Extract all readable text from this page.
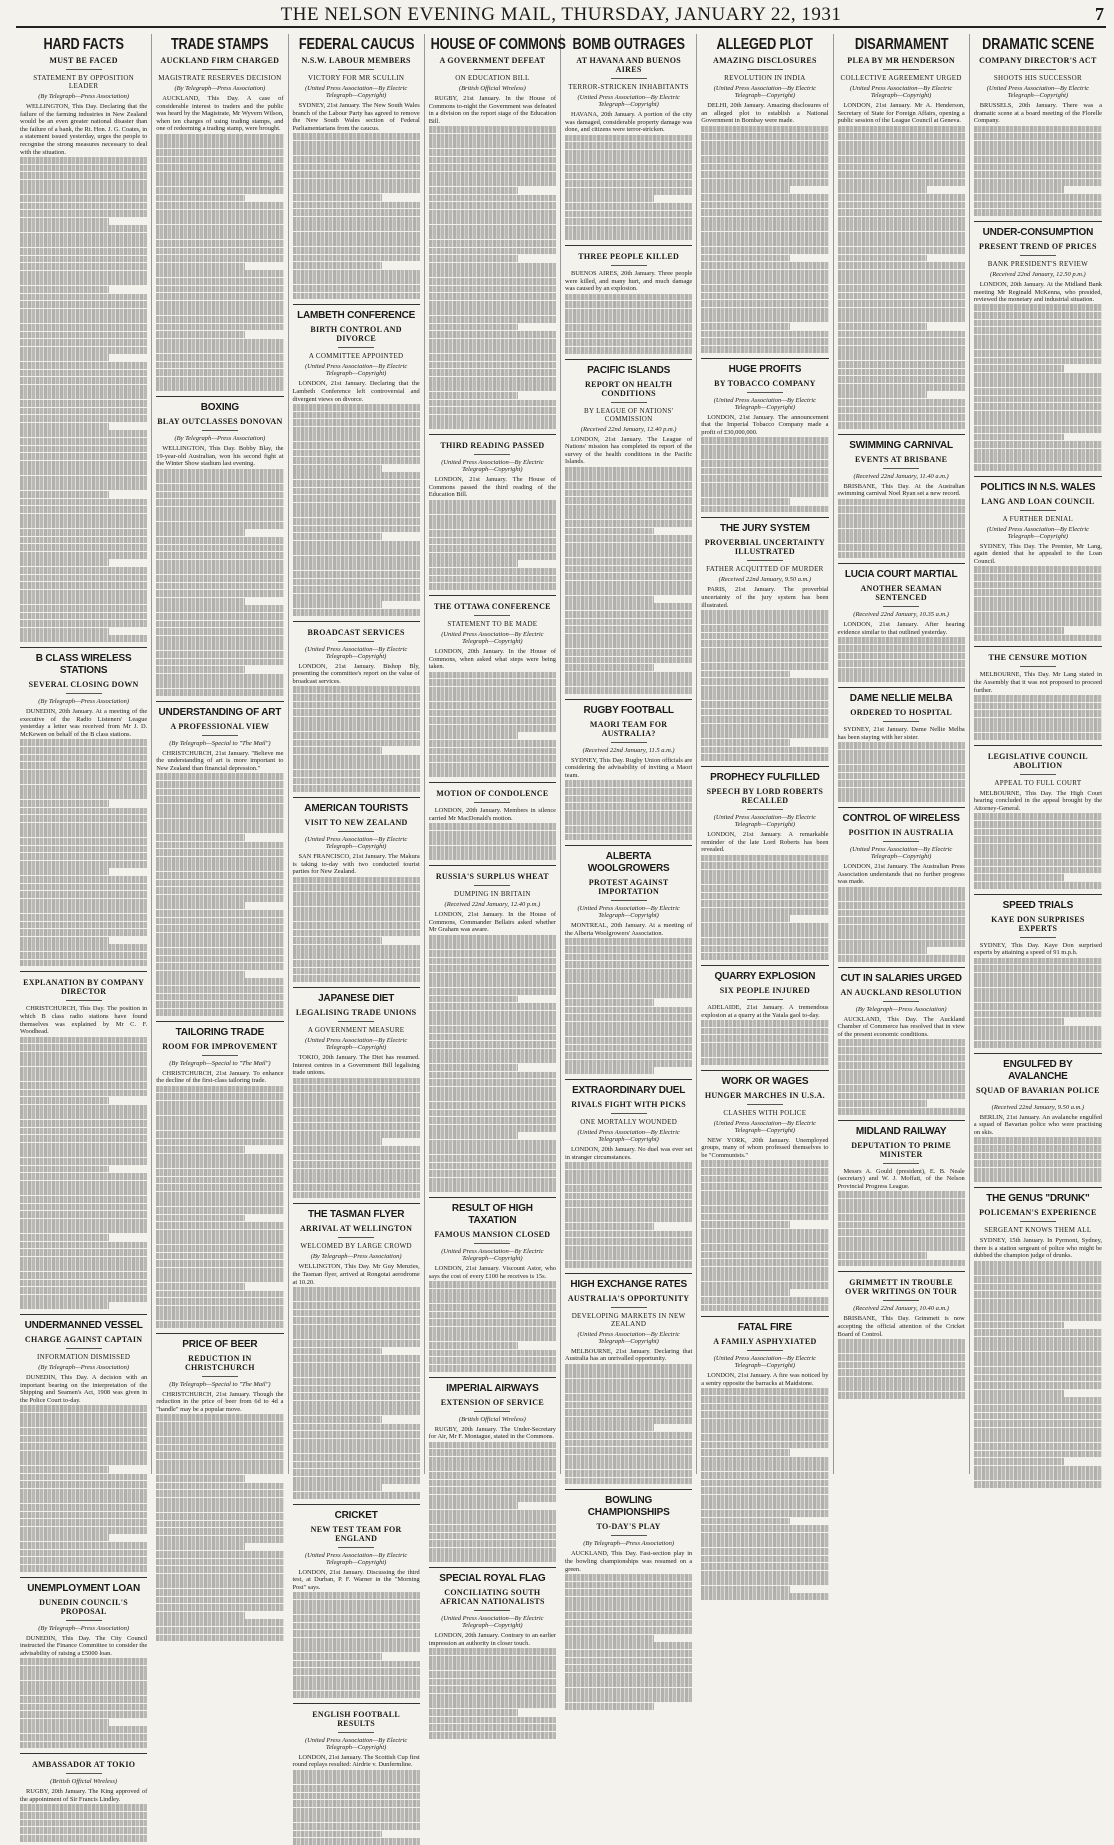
THE NELSON EVENING MAIL, THURSDAY, JANUARY 22, 1931	7
HARD FACTS
MUST BE FACED
STATEMENT BY OPPOSITION LEADER
(By Telegraph—Press Association)

WELLINGTON, This Day. Declaring that the failure of the farming industries in New Zealand would be an even greater national disaster than the failure of a bank, the Rt. Hon. J. G. Coates, in a statement issued yesterday, urges the people to recognise the strong measures necessary to deal with the situation.

B CLASS WIRELESS STATIONS
SEVERAL CLOSING DOWN
(By Telegraph—Press Association)

DUNEDIN, 20th January. At a meeting of the executive of the Radio Listeners' League yesterday a letter was received from Mr J. D. McKewen on behalf of the B class stations.

EXPLANATION BY COMPANY DIRECTOR

CHRISTCHURCH, This Day. The position in which B class radio stations have found themselves was explained by Mr C. F. Woodhead.

UNDERMANNED VESSEL
CHARGE AGAINST CAPTAIN
INFORMATION DISMISSED
(By Telegraph—Press Association)

DUNEDIN, This Day. A decision with an important bearing on the interpretation of the Shipping and Seamen's Act, 1908 was given in the Police Court to-day.

UNEMPLOYMENT LOAN
DUNEDIN COUNCIL'S PROPOSAL
(By Telegraph—Press Association)

DUNEDIN, This Day. The City Council instructed the Finance Committee to consider the advisability of raising a £5000 loan.

AMBASSADOR AT TOKIO
(British Official Wireless)

RUGBY, 20th January. The King approved of the appointment of Sir Francis Lindley.

TRADE STAMPS
AUCKLAND FIRM CHARGED
MAGISTRATE RESERVES DECISION
(By Telegraph—Press Association)

AUCKLAND, This Day. A case of considerable interest to traders and the public was heard by the Magistrate, Mr Wyvern Wilson, when ten charges of using trading stamps, and one of redeeming a trading stamp, were brought.

BOXING
BLAY OUTCLASSES DONOVAN
(By Telegraph—Press Association)

WELLINGTON, This Day. Bobby Blay, the 19-year-old Australian, won his second fight at the Winter Show stadium last evening.

UNDERSTANDING OF ART
A PROFESSIONAL VIEW
(By Telegraph—Special to "The Mail")

CHRISTCHURCH, 21st January. "Believe me the understanding of art is more important to New Zealand than financial depression."

TAILORING TRADE
ROOM FOR IMPROVEMENT
(By Telegraph—Special to "The Mail")

CHRISTCHURCH, 21st January. To enhance the decline of the first-class tailoring trade.

PRICE OF BEER
REDUCTION IN CHRISTCHURCH
(By Telegraph—Special to "The Mail")

CHRISTCHURCH, 21st January. Though the reduction in the price of beer from 6d to 4d a "handle" may be a popular move.

FEDERAL CAUCUS
N.S.W. LABOUR MEMBERS
VICTORY FOR MR SCULLIN
(United Press Association—By Electric Telegraph—Copyright)

SYDNEY, 21st January. The New South Wales branch of the Labour Party has agreed to remove the New South Wales section of Federal Parliamentarians from the caucus.

LAMBETH CONFERENCE
BIRTH CONTROL AND DIVORCE
A COMMITTEE APPOINTED
(United Press Association—By Electric Telegraph—Copyright)

LONDON, 21st January. Declaring that the Lambeth Conference left controversial and divergent views on divorce.

BROADCAST SERVICES
(United Press Association—By Electric Telegraph—Copyright)

LONDON, 21st January. Bishop Bly, presenting the committee's report on the value of broadcast services.

AMERICAN TOURISTS
VISIT TO NEW ZEALAND
(United Press Association—By Electric Telegraph—Copyright)

SAN FRANCISCO, 21st January. The Makura is taking to-day with two conducted tourist parties for New Zealand.

JAPANESE DIET
LEGALISING TRADE UNIONS
A GOVERNMENT MEASURE
(United Press Association—By Electric Telegraph—Copyright)

TOKIO, 20th January. The Diet has resumed. Interest centres in a Government Bill legalising trade unions.

THE TASMAN FLYER
ARRIVAL AT WELLINGTON
WELCOMED BY LARGE CROWD
(By Telegraph—Press Association)

WELLINGTON, This Day. Mr Guy Menzies, the Tasman flyer, arrived at Rongotai aerodrome at 10.20.

CRICKET
NEW TEST TEAM FOR ENGLAND
(United Press Association—By Electric Telegraph—Copyright)

LONDON, 21st January. Discussing the third test, at Durban, P. F. Warner in the "Morning Post" says.

ENGLISH FOOTBALL RESULTS
(United Press Association—By Electric Telegraph—Copyright)

LONDON, 21st January. The Scottish Cup first round replays resulted: Airdrie v. Dunfermline.

HOUSE OF COMMONS
A GOVERNMENT DEFEAT
ON EDUCATION BILL
(British Official Wireless)

RUGBY, 21st January. In the House of Commons to-night the Government was defeated in a division on the report stage of the Education Bill.

THIRD READING PASSED
(United Press Association—By Electric Telegraph—Copyright)

LONDON, 21st January. The House of Commons passed the third reading of the Education Bill.

THE OTTAWA CONFERENCE
STATEMENT TO BE MADE
(United Press Association—By Electric Telegraph—Copyright)

LONDON, 20th January. In the House of Commons, when asked what steps were being taken.

MOTION OF CONDOLENCE

LONDON, 20th January. Members in silence carried Mr MacDonald's motion.

RUSSIA'S SURPLUS WHEAT
DUMPING IN BRITAIN
(Received 22nd January, 12.40 p.m.)

LONDON, 21st January. In the House of Commons, Commander Bellairs asked whether Mr Graham was aware.

RESULT OF HIGH TAXATION
FAMOUS MANSION CLOSED
(United Press Association—By Electric Telegraph—Copyright)

LONDON, 21st January. Viscount Astor, who says the cost of every £100 he receives is 15s.

IMPERIAL AIRWAYS
EXTENSION OF SERVICE
(British Official Wireless)

RUGBY, 20th January. The Under-Secretary for Air, Mr F. Montague, stated in the Commons.

SPECIAL ROYAL FLAG
CONCILIATING SOUTH AFRICAN NATIONALISTS
(United Press Association—By Electric Telegraph—Copyright)

LONDON, 20th January. Contrary to an earlier impression an authority in closer touch.

BOMB OUTRAGES
AT HAVANA AND BUENOS AIRES
TERROR-STRICKEN INHABITANTS
(United Press Association—By Electric Telegraph—Copyright)

HAVANA, 20th January. A portion of the city was damaged, considerable property damage was done, and citizens were terror-stricken.

THREE PEOPLE KILLED

BUENOS AIRES, 20th January. Three people were killed, and many hurt, and much damage was caused by an explosion.

PACIFIC ISLANDS
REPORT ON HEALTH CONDITIONS
BY LEAGUE OF NATIONS' COMMISSION
(Received 22nd January, 12.40 p.m.)

LONDON, 21st January. The League of Nations' mission has completed its report of the survey of the health conditions in the Pacific Islands.

RUGBY FOOTBALL
MAORI TEAM FOR AUSTRALIA?
(Received 22nd January, 11.5 a.m.)

SYDNEY, This Day. Rugby Union officials are considering the advisability of inviting a Maori team.

ALBERTA WOOLGROWERS
PROTEST AGAINST IMPORTATION
(United Press Association—By Electric Telegraph—Copyright)

MONTREAL, 20th January. At a meeting of the Alberta Woolgrowers' Association.

EXTRAORDINARY DUEL
RIVALS FIGHT WITH PICKS
ONE MORTALLY WOUNDED
(United Press Association—By Electric Telegraph—Copyright)

LONDON, 20th January. No duel was ever set in stranger circumstances.

HIGH EXCHANGE RATES
AUSTRALIA'S OPPORTUNITY
DEVELOPING MARKETS IN NEW ZEALAND
(United Press Association—By Electric Telegraph—Copyright)

MELBOURNE, 21st January. Declaring that Australia has an unrivalled opportunity.

BOWLING CHAMPIONSHIPS
TO-DAY'S PLAY
(By Telegraph—Press Association)

AUCKLAND, This Day. Fast-section play in the bowling championships was resumed on a green.

ALLEGED PLOT
AMAZING DISCLOSURES
REVOLUTION IN INDIA
(United Press Association—By Electric Telegraph—Copyright)

DELHI, 20th January. Amazing disclosures of an alleged plot to establish a National Government in Bombay were made.

HUGE PROFITS
BY TOBACCO COMPANY
(United Press Association—By Electric Telegraph—Copyright)

LONDON, 21st January. The announcement that the Imperial Tobacco Company made a profit of £30,000,000.

THE JURY SYSTEM
PROVERBIAL UNCERTAINTY ILLUSTRATED
FATHER ACQUITTED OF MURDER
(Received 22nd January, 9.50 a.m.)

PARIS, 21st January. The proverbial uncertainty of the jury system has been illustrated.

PROPHECY FULFILLED
SPEECH BY LORD ROBERTS RECALLED
(United Press Association—By Electric Telegraph—Copyright)

LONDON, 21st January. A remarkable reminder of the late Lord Roberts has been revealed.

QUARRY EXPLOSION
SIX PEOPLE INJURED

ADELAIDE, 21st January. A tremendous explosion at a quarry at the Yatala gaol to-day.

WORK OR WAGES
HUNGER MARCHES IN U.S.A.
CLASHES WITH POLICE
(United Press Association—By Electric Telegraph—Copyright)

NEW YORK, 20th January. Unemployed groups, many of whom professed themselves to be "Communists."

FATAL FIRE
A FAMILY ASPHYXIATED
(United Press Association—By Electric Telegraph—Copyright)

LONDON, 21st January. A fire was noticed by a sentry opposite the barracks at Maidstone.

DISARMAMENT
PLEA BY MR HENDERSON
COLLECTIVE AGREEMENT URGED
(United Press Association—By Electric Telegraph—Copyright)

LONDON, 21st January. Mr A. Henderson, Secretary of State for Foreign Affairs, opening a public session of the League Council at Geneva.

SWIMMING CARNIVAL
EVENTS AT BRISBANE
(Received 22nd January, 11.40 a.m.)

BRISBANE, This Day. At the Australian swimming carnival Noel Ryan set a new record.

LUCIA COURT MARTIAL
ANOTHER SEAMAN SENTENCED
(Received 22nd January, 10.35 a.m.)

LONDON, 21st January. After hearing evidence similar to that outlined yesterday.

DAME NELLIE MELBA
ORDERED TO HOSPITAL

SYDNEY, 21st January. Dame Nellie Melba has been staying with her sister.

CONTROL OF WIRELESS
POSITION IN AUSTRALIA
(United Press Association—By Electric Telegraph—Copyright)

LONDON, 21st January. The Australian Press Association understands that no further progress was made.

CUT IN SALARIES URGED
AN AUCKLAND RESOLUTION
(By Telegraph—Press Association)

AUCKLAND, This Day. The Auckland Chamber of Commerce has resolved that in view of the present economic conditions.

MIDLAND RAILWAY
DEPUTATION TO PRIME MINISTER

Messrs A. Gould (president), E. B. Neale (secretary) and W. J. Moffatt, of the Nelson Provincial Progress League.

GRIMMETT IN TROUBLE OVER WRITINGS ON TOUR
(Received 22nd January, 10.40 a.m.)

BRISBANE, This Day. Grimmett is now accepting the official attention of the Cricket Board of Control.

DRAMATIC SCENE
COMPANY DIRECTOR'S ACT
SHOOTS HIS SUCCESSOR
(United Press Association—By Electric Telegraph—Copyright)

BRUSSELS, 20th January. There was a dramatic scene at a board meeting of the Florelle Company.

UNDER-CONSUMPTION
PRESENT TREND OF PRICES
BANK PRESIDENT'S REVIEW
(Received 22nd January, 12.50 p.m.)

LONDON, 20th January. At the Midland Bank meeting Mr Reginald McKenna, who presided, reviewed the monetary and industrial situation.

POLITICS IN N.S. WALES
LANG AND LOAN COUNCIL
A FURTHER DENIAL
(United Press Association—By Electric Telegraph—Copyright)

SYDNEY, This Day. The Premier, Mr Lang, again denied that he appealed to the Loan Council.

THE CENSURE MOTION

MELBOURNE, This Day. Mr Lang stated in the Assembly that it was not proposed to proceed further.

LEGISLATIVE COUNCIL ABOLITION
APPEAL TO FULL COURT

MELBOURNE, This Day. The High Court hearing concluded in the appeal brought by the Attorney-General.

SPEED TRIALS
KAYE DON SURPRISES EXPERTS

SYDNEY, This Day. Kaye Don surprised experts by attaining a speed of 91 m.p.h.

ENGULFED BY AVALANCHE
SQUAD OF BAVARIAN POLICE
(Received 22nd January, 9.50 a.m.)

BERLIN, 21st January. An avalanche engulfed a squad of Bavarian police who were practising on skis.

THE GENUS "DRUNK"
POLICEMAN'S EXPERIENCE
SERGEANT KNOWS THEM ALL

SYDNEY, 15th January. In Pyrmont, Sydney, there is a station sergeant of police who might be dubbed the champion judge of drunks.
